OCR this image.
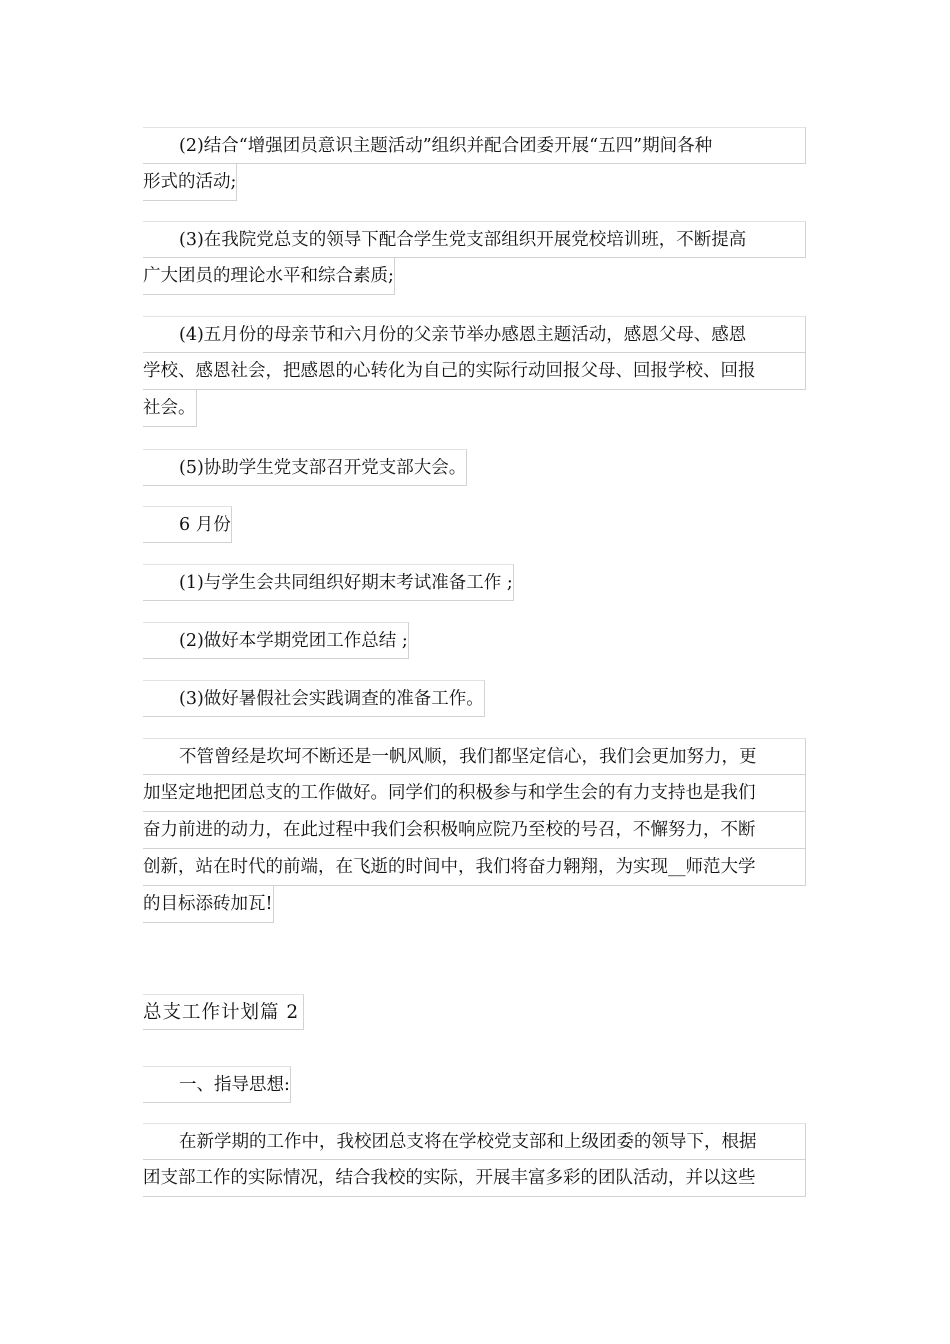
(2)结合“增强团员意识主题活动”组织并配合团委开展“五四”期间各种
形式的活动;
(3)在我院党总支的领导下配合学生党支部组织开展党校培训班，不断提高
广大团员的理论水平和综合素质;
(4)五月份的母亲节和六月份的父亲节举办感恩主题活动，感恩父母、感恩
学校、感恩社会，把感恩的心转化为自己的实际行动回报父母、回报学校、回报
社会。
(5)协助学生党支部召开党支部大会。
6 月份
(1)与学生会共同组织好期末考试准备工作 ;
(2)做好本学期党团工作总结 ;
(3)做好暑假社会实践调查的准备工作。
不管曾经是坎坷不断还是一帆风顺，我们都坚定信心，我们会更加努力，更
加坚定地把团总支的工作做好。同学们的积极参与和学生会的有力支持也是我们
奋力前进的动力，在此过程中我们会积极响应院乃至校的号召，不懈努力，不断
创新，站在时代的前端，在飞逝的时间中，我们将奋力翱翔，为实现__师范大学
的目标添砖加瓦!
总支工作计划篇 2
一、指导思想:
在新学期的工作中，我校团总支将在学校党支部和上级团委的领导下，根据
团支部工作的实际情况，结合我校的实际，开展丰富多彩的团队活动，并以这些
